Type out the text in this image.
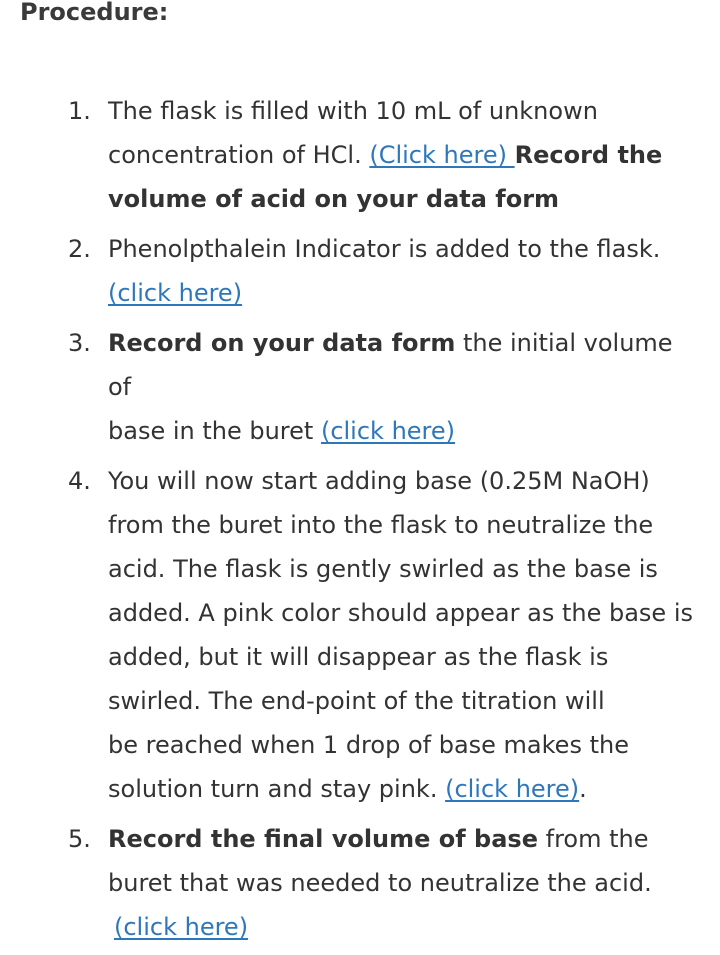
Procedure:
1. The flask is filled with 10 mL of unknown
concentration of HCl. (Click here) Record the
volume of acid on your data form
2. Phenolpthalein Indicator is added to the flask.
(click here)
3. Record on your data form the initial volume of
base in the buret (click here)
4. You will now start adding base (0.25M NaOH)
from the buret into the flask to neutralize the
acid. The flask is gently swirled as the base is
added. A pink color should appear as the base is
added, but it will disappear as the flask is
swirled. The end-point of the titration will
be reached when 1 drop of base makes the
solution turn and stay pink. (click here).
5. Record the final volume of base from the
buret that was needed to neutralize the acid.
(click here)
